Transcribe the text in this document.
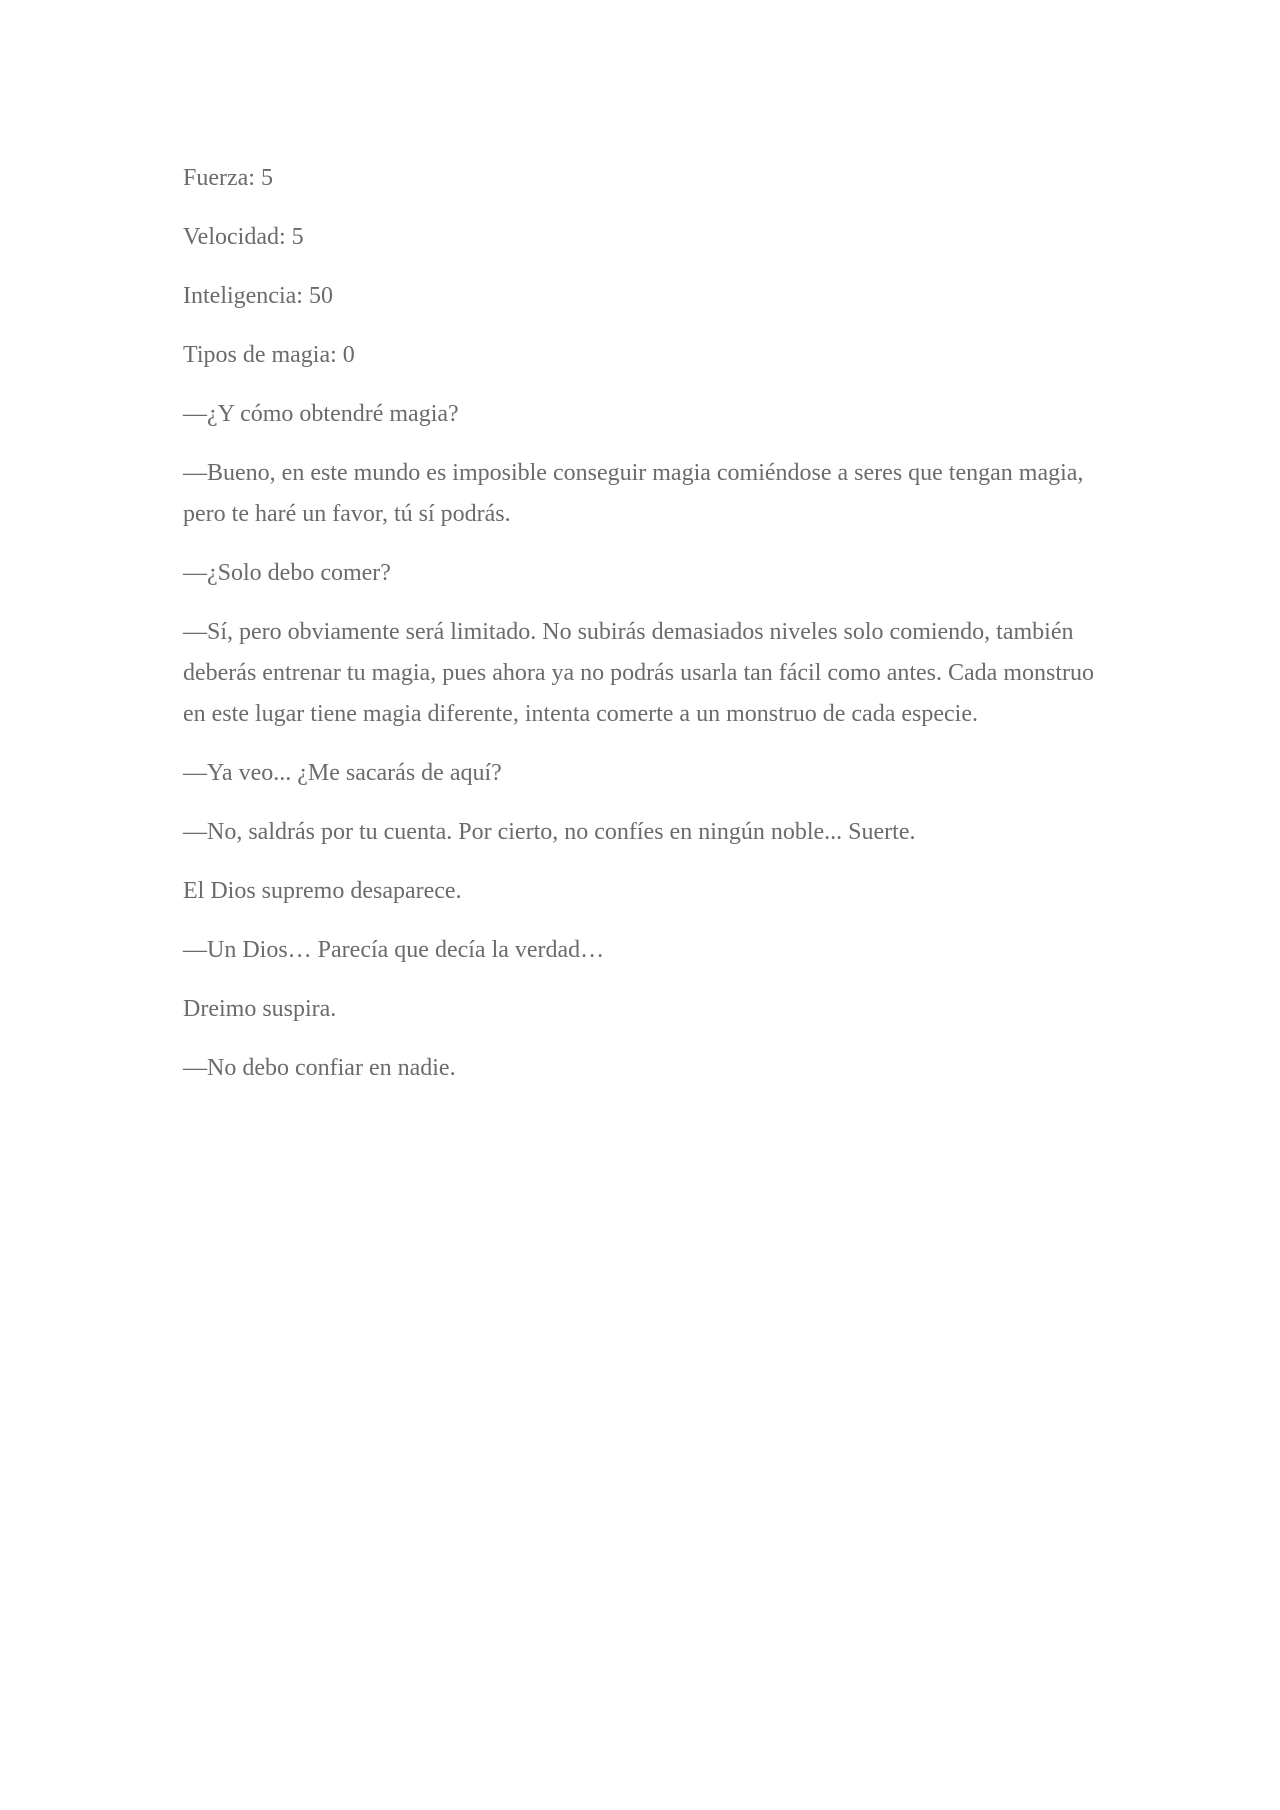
Fuerza: 5

Velocidad: 5

Inteligencia: 50

Tipos de magia: 0

—¿Y cómo obtendré magia?

—Bueno, en este mundo es imposible conseguir magia comiéndose a seres que tengan magia, pero te haré un favor, tú sí podrás.

—¿Solo debo comer?

—Sí, pero obviamente será limitado. No subirás demasiados niveles solo comiendo, también deberás entrenar tu magia, pues ahora ya no podrás usarla tan fácil como antes. Cada monstruo en este lugar tiene magia diferente, intenta comerte a un monstruo de cada especie.

—Ya veo... ¿Me sacarás de aquí?

—No, saldrás por tu cuenta. Por cierto, no confíes en ningún noble... Suerte.

El Dios supremo desaparece.

—Un Dios… Parecía que decía la verdad…

Dreimo suspira.

—No debo confiar en nadie.
